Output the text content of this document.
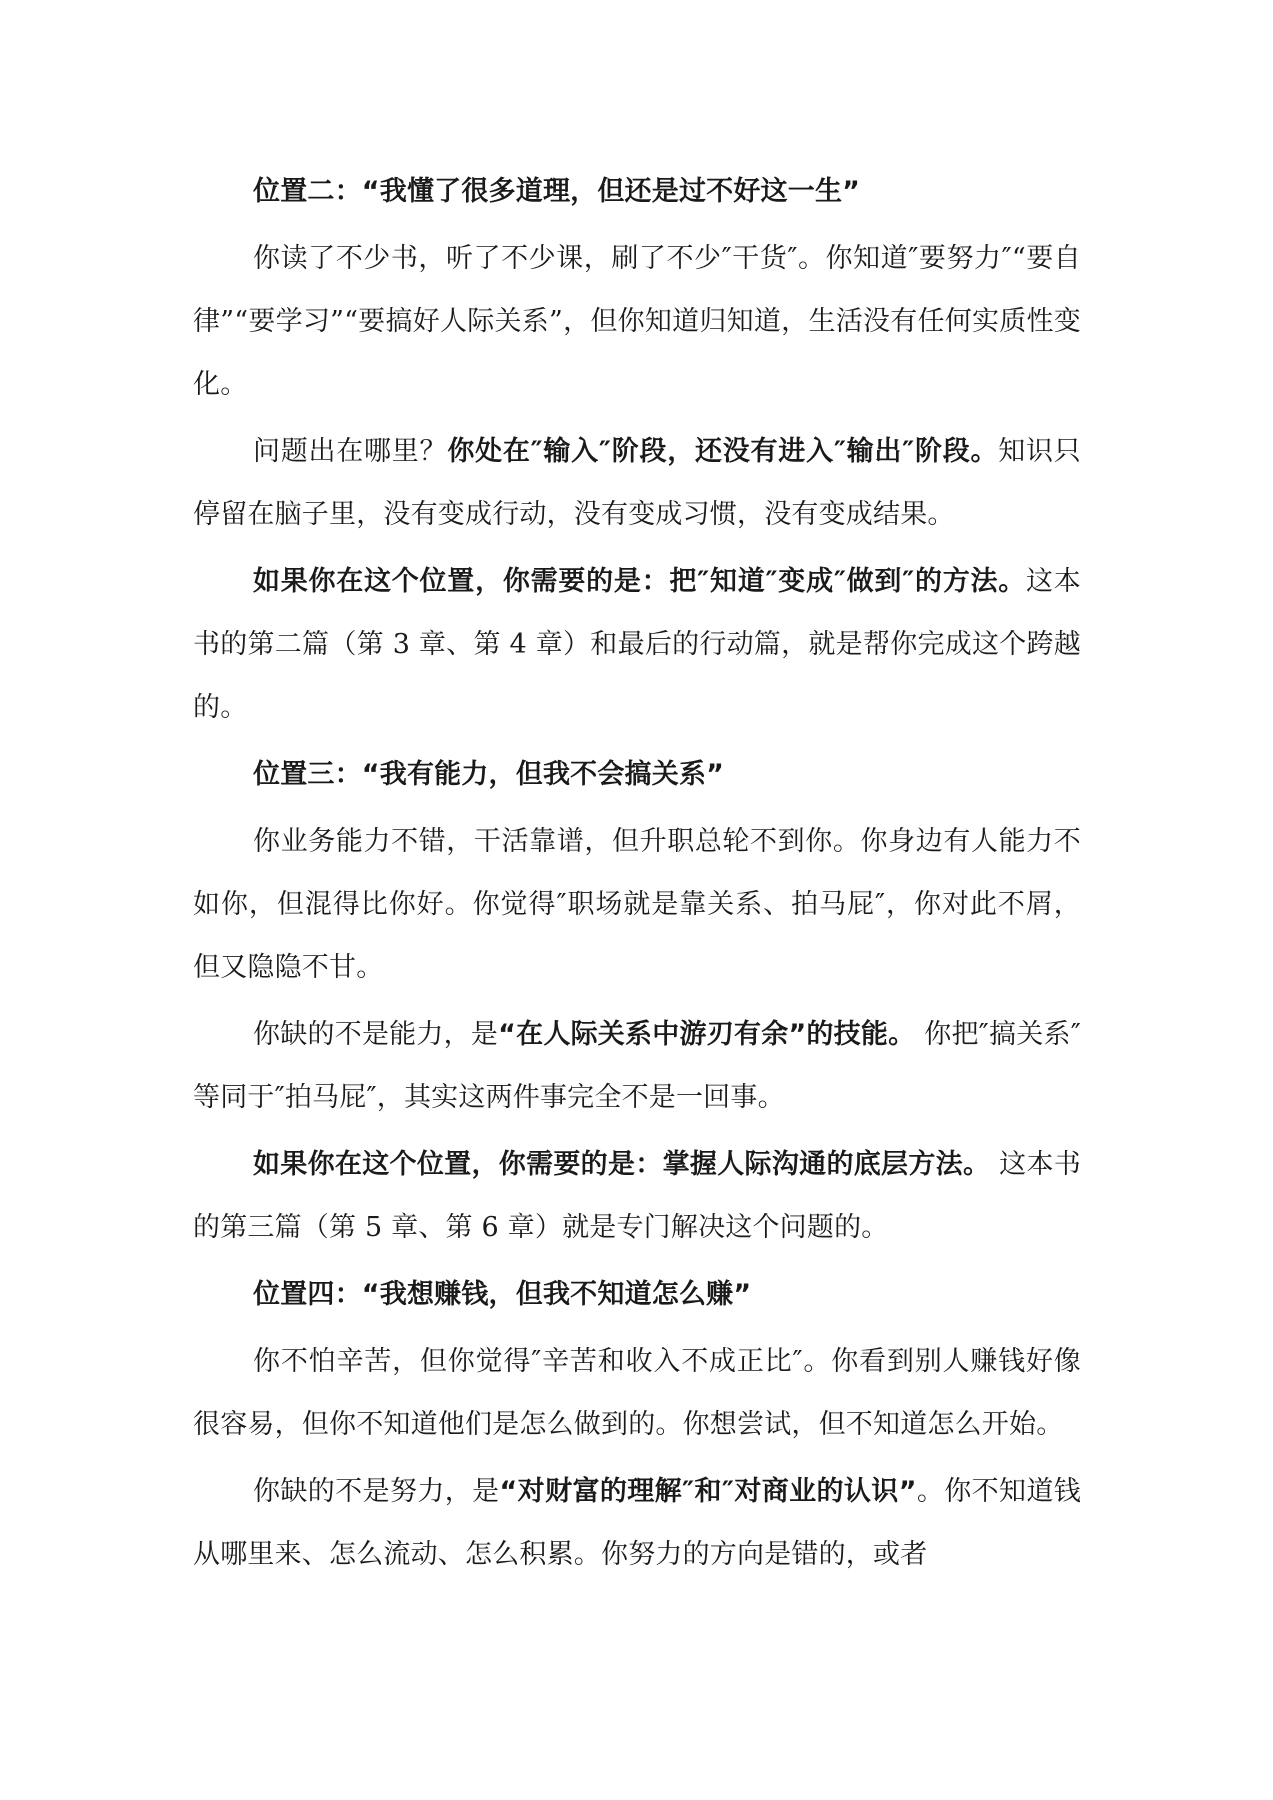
位置二：“我懂了很多道理，但还是过不好这一生”

你读了不少书，听了不少课，刷了不少″干货″。你知道″要努力″“要自律”“要学习”“要搞好人际关系”，但你知道归知道，生活没有任何实质性变化。

问题出在哪里？你处在″输入″阶段，还没有进入″输出″阶段。知识只停留在脑子里，没有变成行动，没有变成习惯，没有变成结果。

如果你在这个位置，你需要的是：把″知道″变成″做到″的方法。这本书的第二篇（第 3 章、第 4 章）和最后的行动篇，就是帮你完成这个跨越的。

位置三：“我有能力，但我不会搞关系”

你业务能力不错，干活靠谱，但升职总轮不到你。你身边有人能力不如你，但混得比你好。你觉得″职场就是靠关系、拍马屁″，你对此不屑，但又隐隐不甘。

你缺的不是能力，是“在人际关系中游刃有余”的技能。 你把″搞关系″等同于″拍马屁″，其实这两件事完全不是一回事。

如果你在这个位置，你需要的是：掌握人际沟通的底层方法。 这本书的第三篇（第 5 章、第 6 章）就是专门解决这个问题的。

位置四：“我想赚钱，但我不知道怎么赚”

你不怕辛苦，但你觉得″辛苦和收入不成正比″。你看到别人赚钱好像很容易，但你不知道他们是怎么做到的。你想尝试，但不知道怎么开始。

你缺的不是努力，是“对财富的理解″和″对商业的认识”。你不知道钱从哪里来、怎么流动、怎么积累。你努力的方向是错的，或者
